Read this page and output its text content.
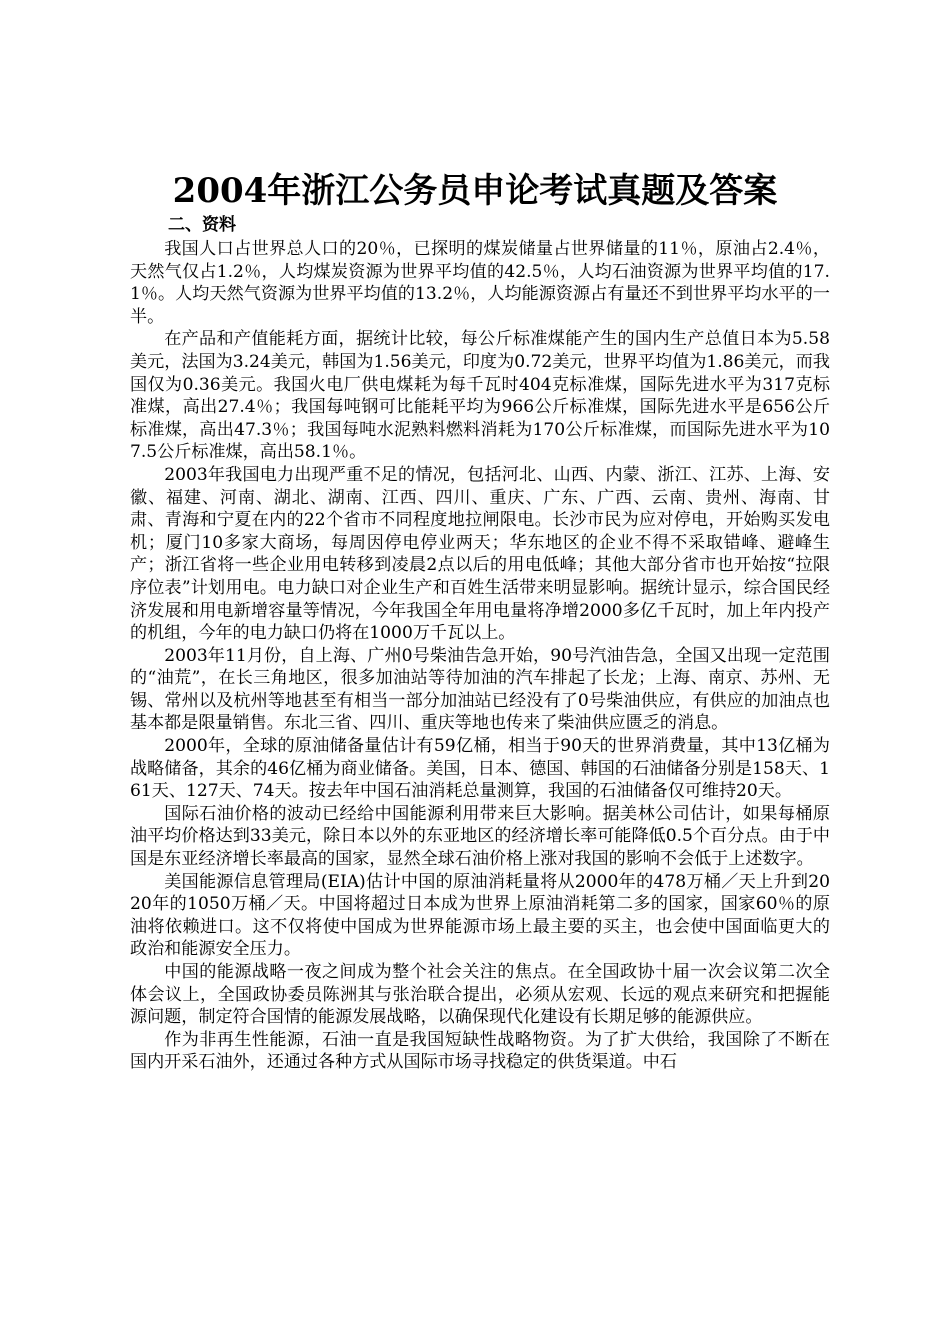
2004年浙江公务员申论考试真题及答案
二、资料

我国人口占世界总人口的20％，已探明的煤炭储量占世界储量的11％，原油占2.4％，天然气仅占1.2％，人均煤炭资源为世界平均值的42.5％，人均石油资源为世界平均值的17.1％。人均天然气资源为世界平均值的13.2％，人均能源资源占有量还不到世界平均水平的一半。

在产品和产值能耗方面，据统计比较，每公斤标准煤能产生的国内生产总值日本为5.58美元，法国为3.24美元，韩国为1.56美元，印度为0.72美元，世界平均值为1.86美元，而我国仅为0.36美元。我国火电厂供电煤耗为每千瓦时404克标准煤，国际先进水平为317克标准煤，高出27.4％；我国每吨钢可比能耗平均为966公斤标准煤，国际先进水平是656公斤标准煤，高出47.3％；我国每吨水泥熟料燃料消耗为170公斤标准煤，而国际先进水平为107.5公斤标准煤，高出58.1％。

2003年我国电力出现严重不足的情况，包括河北、山西、内蒙、浙江、江苏、上海、安徽、福建、河南、湖北、湖南、江西、四川、重庆、广东、广西、云南、贵州、海南、甘肃、青海和宁夏在内的22个省市不同程度地拉闸限电。长沙市民为应对停电，开始购买发电机；厦门10多家大商场，每周因停电停业两天；华东地区的企业不得不采取错峰、避峰生产；浙江省将一些企业用电转移到凌晨2点以后的用电低峰；其他大部分省市也开始按“拉限序位表”计划用电。电力缺口对企业生产和百姓生活带来明显影响。据统计显示，综合国民经济发展和用电新增容量等情况，今年我国全年用电量将净增2000多亿千瓦时，加上年内投产的机组，今年的电力缺口仍将在1000万千瓦以上。

2003年11月份，自上海、广州0号柴油告急开始，90号汽油告急，全国又出现一定范围的“油荒”，在长三角地区，很多加油站等待加油的汽车排起了长龙；上海、南京、苏州、无锡、常州以及杭州等地甚至有相当一部分加油站已经没有了0号柴油供应，有供应的加油点也基本都是限量销售。东北三省、四川、重庆等地也传来了柴油供应匮乏的消息。

2000年，全球的原油储备量估计有59亿桶，相当于90天的世界消费量，其中13亿桶为战略储备，其余的46亿桶为商业储备。美国，日本、德国、韩国的石油储备分别是158天、161天、127天、74天。按去年中国石油消耗总量测算，我国的石油储备仅可维持20天。

国际石油价格的波动已经给中国能源利用带来巨大影响。据美林公司估计，如果每桶原油平均价格达到33美元，除日本以外的东亚地区的经济增长率可能降低0.5个百分点。由于中国是东亚经济增长率最高的国家，显然全球石油价格上涨对我国的影响不会低于上述数字。

美国能源信息管理局(EIA)估计中国的原油消耗量将从2000年的478万桶／天上升到2020年的1050万桶／天。中国将超过日本成为世界上原油消耗第二多的国家，国家60％的原油将依赖进口。这不仅将使中国成为世界能源市场上最主要的买主，也会使中国面临更大的政治和能源安全压力。

中国的能源战略一夜之间成为整个社会关注的焦点。在全国政协十届一次会议第二次全体会议上，全国政协委员陈洲其与张治联合提出，必须从宏观、长远的观点来研究和把握能源问题，制定符合国情的能源发展战略，以确保现代化建设有长期足够的能源供应。

作为非再生性能源，石油一直是我国短缺性战略物资。为了扩大供给，我国除了不断在国内开采石油外，还通过各种方式从国际市场寻找稳定的供货渠道。中石
